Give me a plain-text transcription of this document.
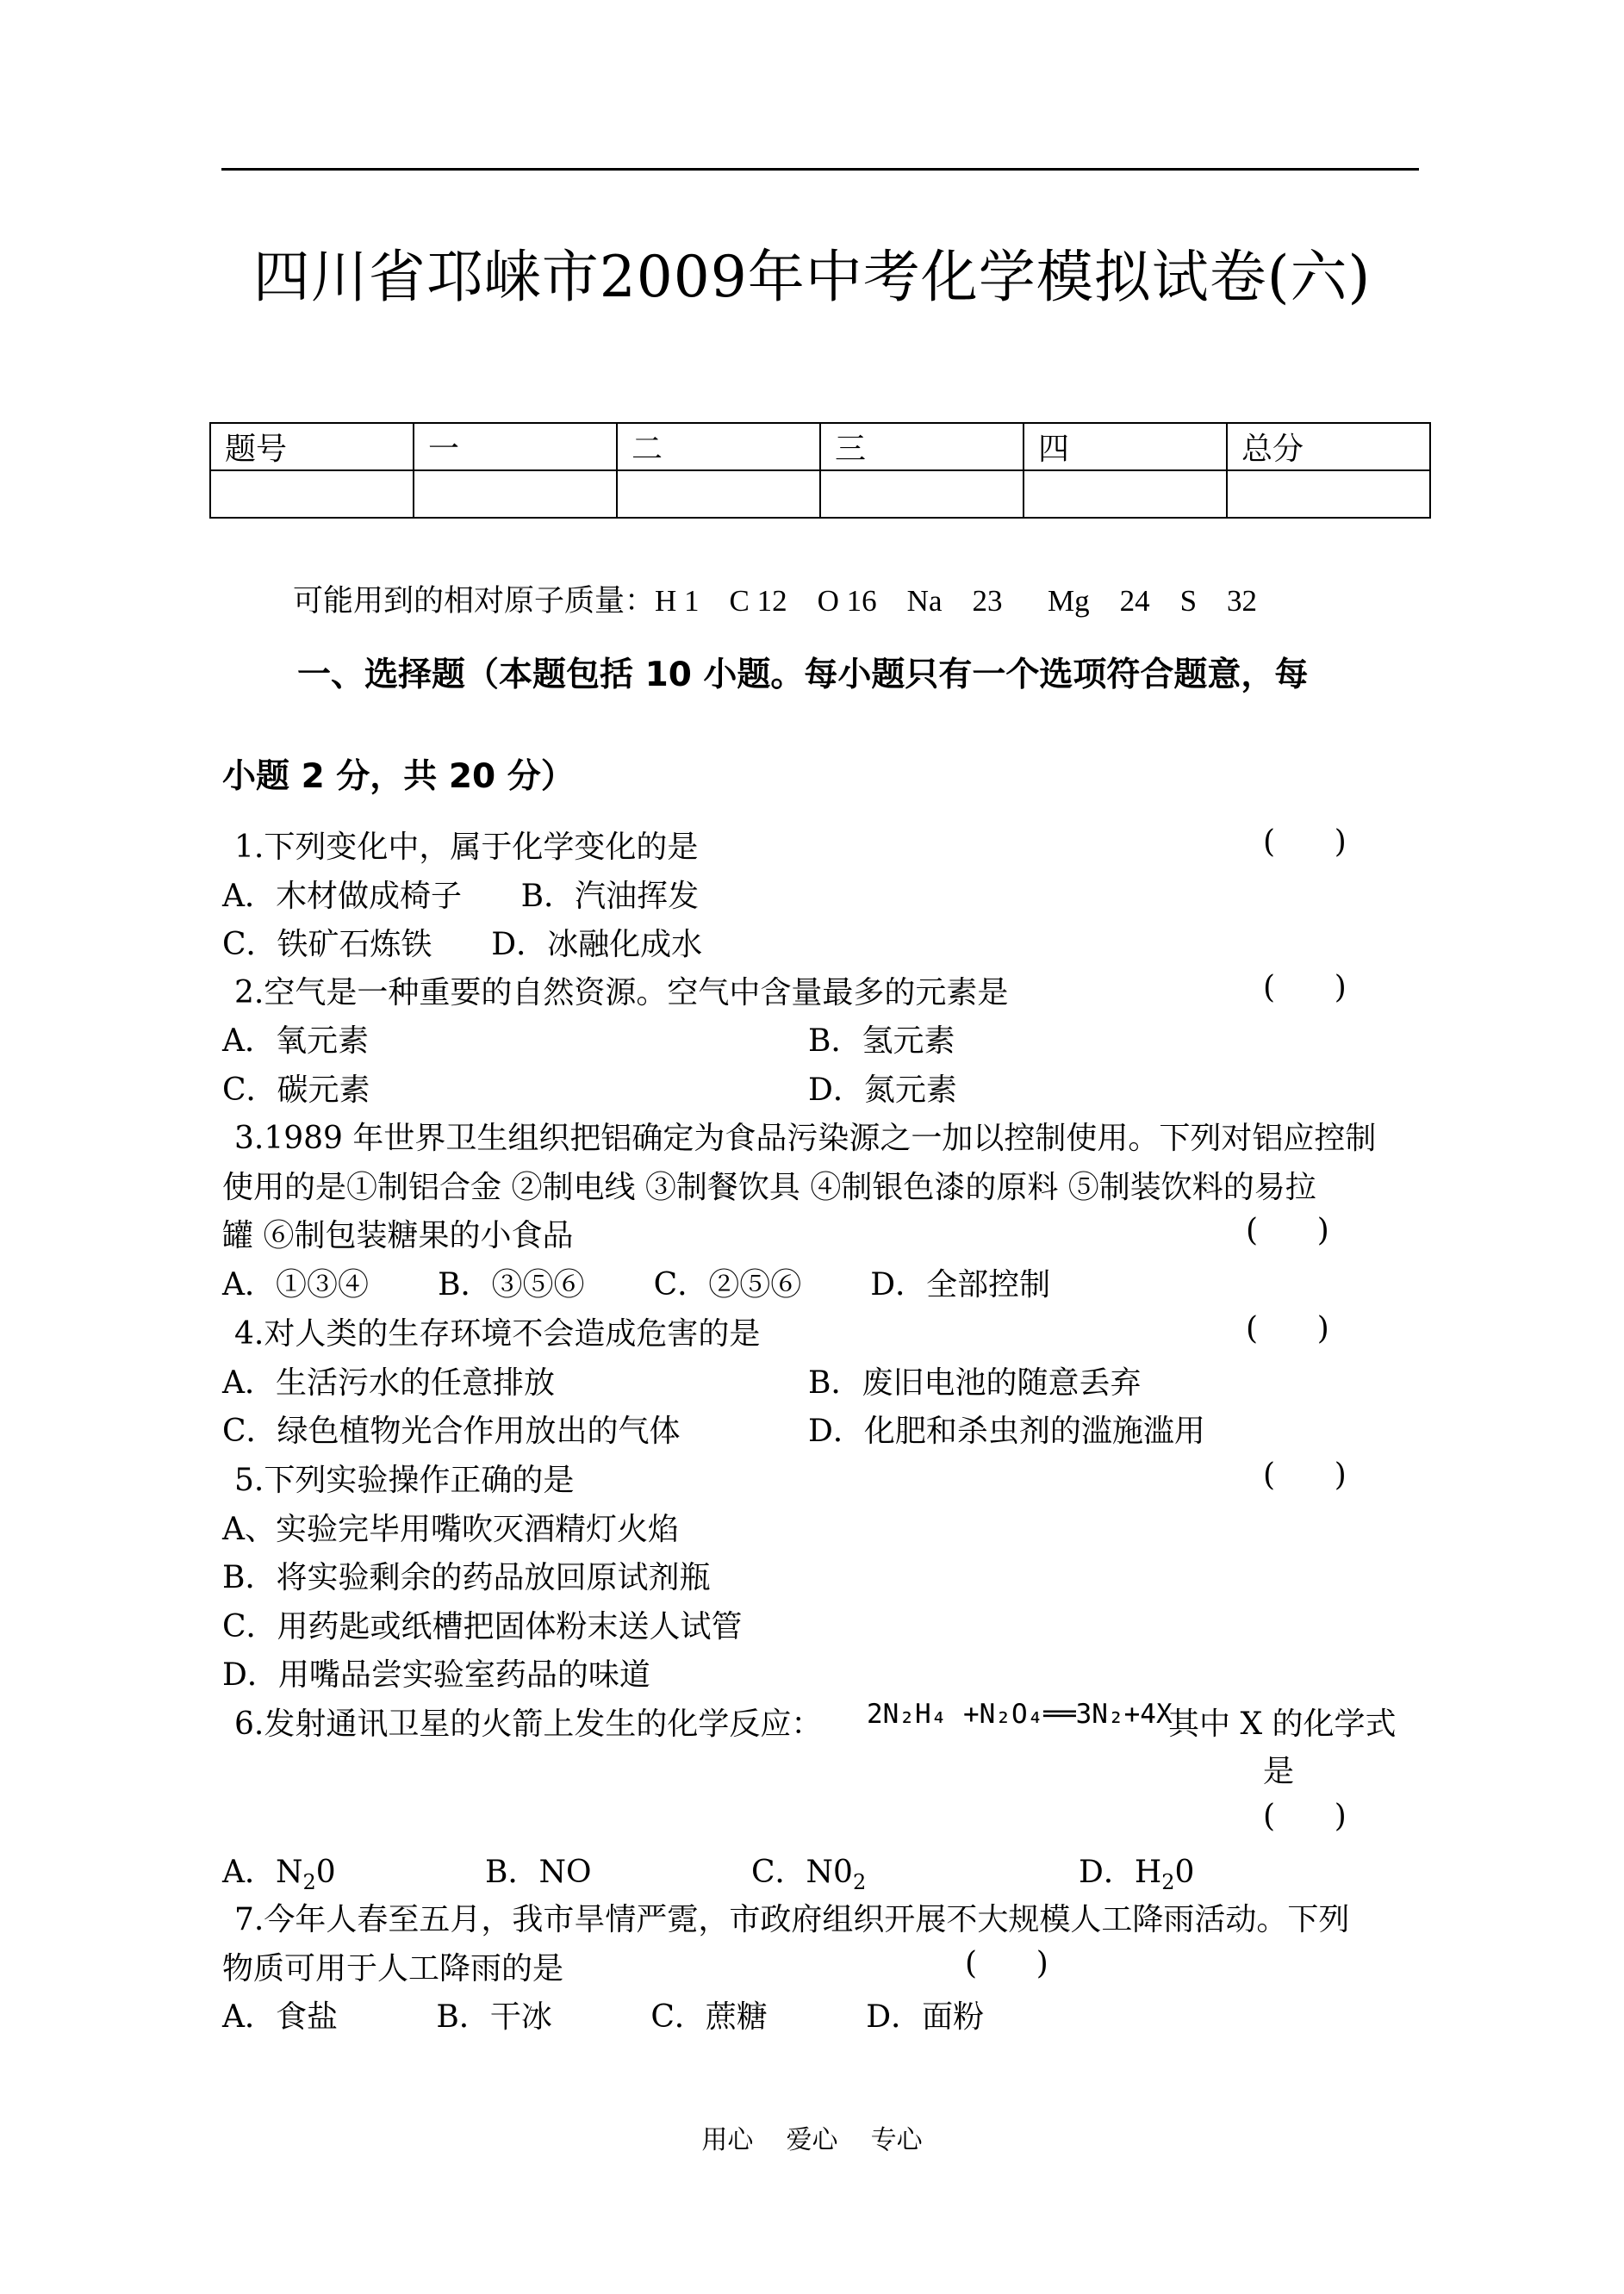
四川省邛崃市2009年中考化学模拟试卷(六)
题号	一	二	三	四	总分

可能用到的相对原子质量：H 1    C 12    O 16    Na    23      Mg    24    S    32
一、选择题（本题包括 10 小题。每小题只有一个选项符合题意，每
小题 2 分，共 20 分）
1.下列变化中，属于化学变化的是	(      )
A．木材做成椅子      B．汽油挥发
C．铁矿石炼铁      D．冰融化成水
2.空气是一种重要的自然资源。空气中含量最多的元素是	(      )
A．氧元素	B．氢元素
C．碳元素	D．氮元素
3.1989 年世界卫生组织把铝确定为食品污染源之一加以控制使用。下列对铝应控制
使用的是①制铝合金 ②制电线 ③制餐饮具 ④制银色漆的原料 ⑤制装饮料的易拉
罐 ⑥制包装糖果的小食品	(      )
A．①③④       B．③⑤⑥       C．②⑤⑥       D．全部控制
4.对人类的生存环境不会造成危害的是	(      )
A．生活污水的任意排放	B．废旧电池的随意丢弃
C．绿色植物光合作用放出的气体	D．化肥和杀虫剂的滥施滥用
5.下列实验操作正确的是	(      )
A、实验完毕用嘴吹灭酒精灯火焰
B．将实验剩余的药品放回原试剂瓶
C．用药匙或纸槽把固体粉末送人试管
D．用嘴品尝实验室药品的味道
6.发射通讯卫星的火箭上发生的化学反应： 2N₂H₄ +N₂O₄══3N₂+4X
其中 X 的化学式
是
(      )
A．$N_20$	B．NO	C．$N0_2$	D．$H_20$
7.今年人春至五月，我市旱情严霓，市政府组织开展不大规模人工降雨活动。下列
物质可用于人工降雨的是	(      )
A．食盐          B．干冰          C．蔗糖          D．面粉
用心    爱心    专心
